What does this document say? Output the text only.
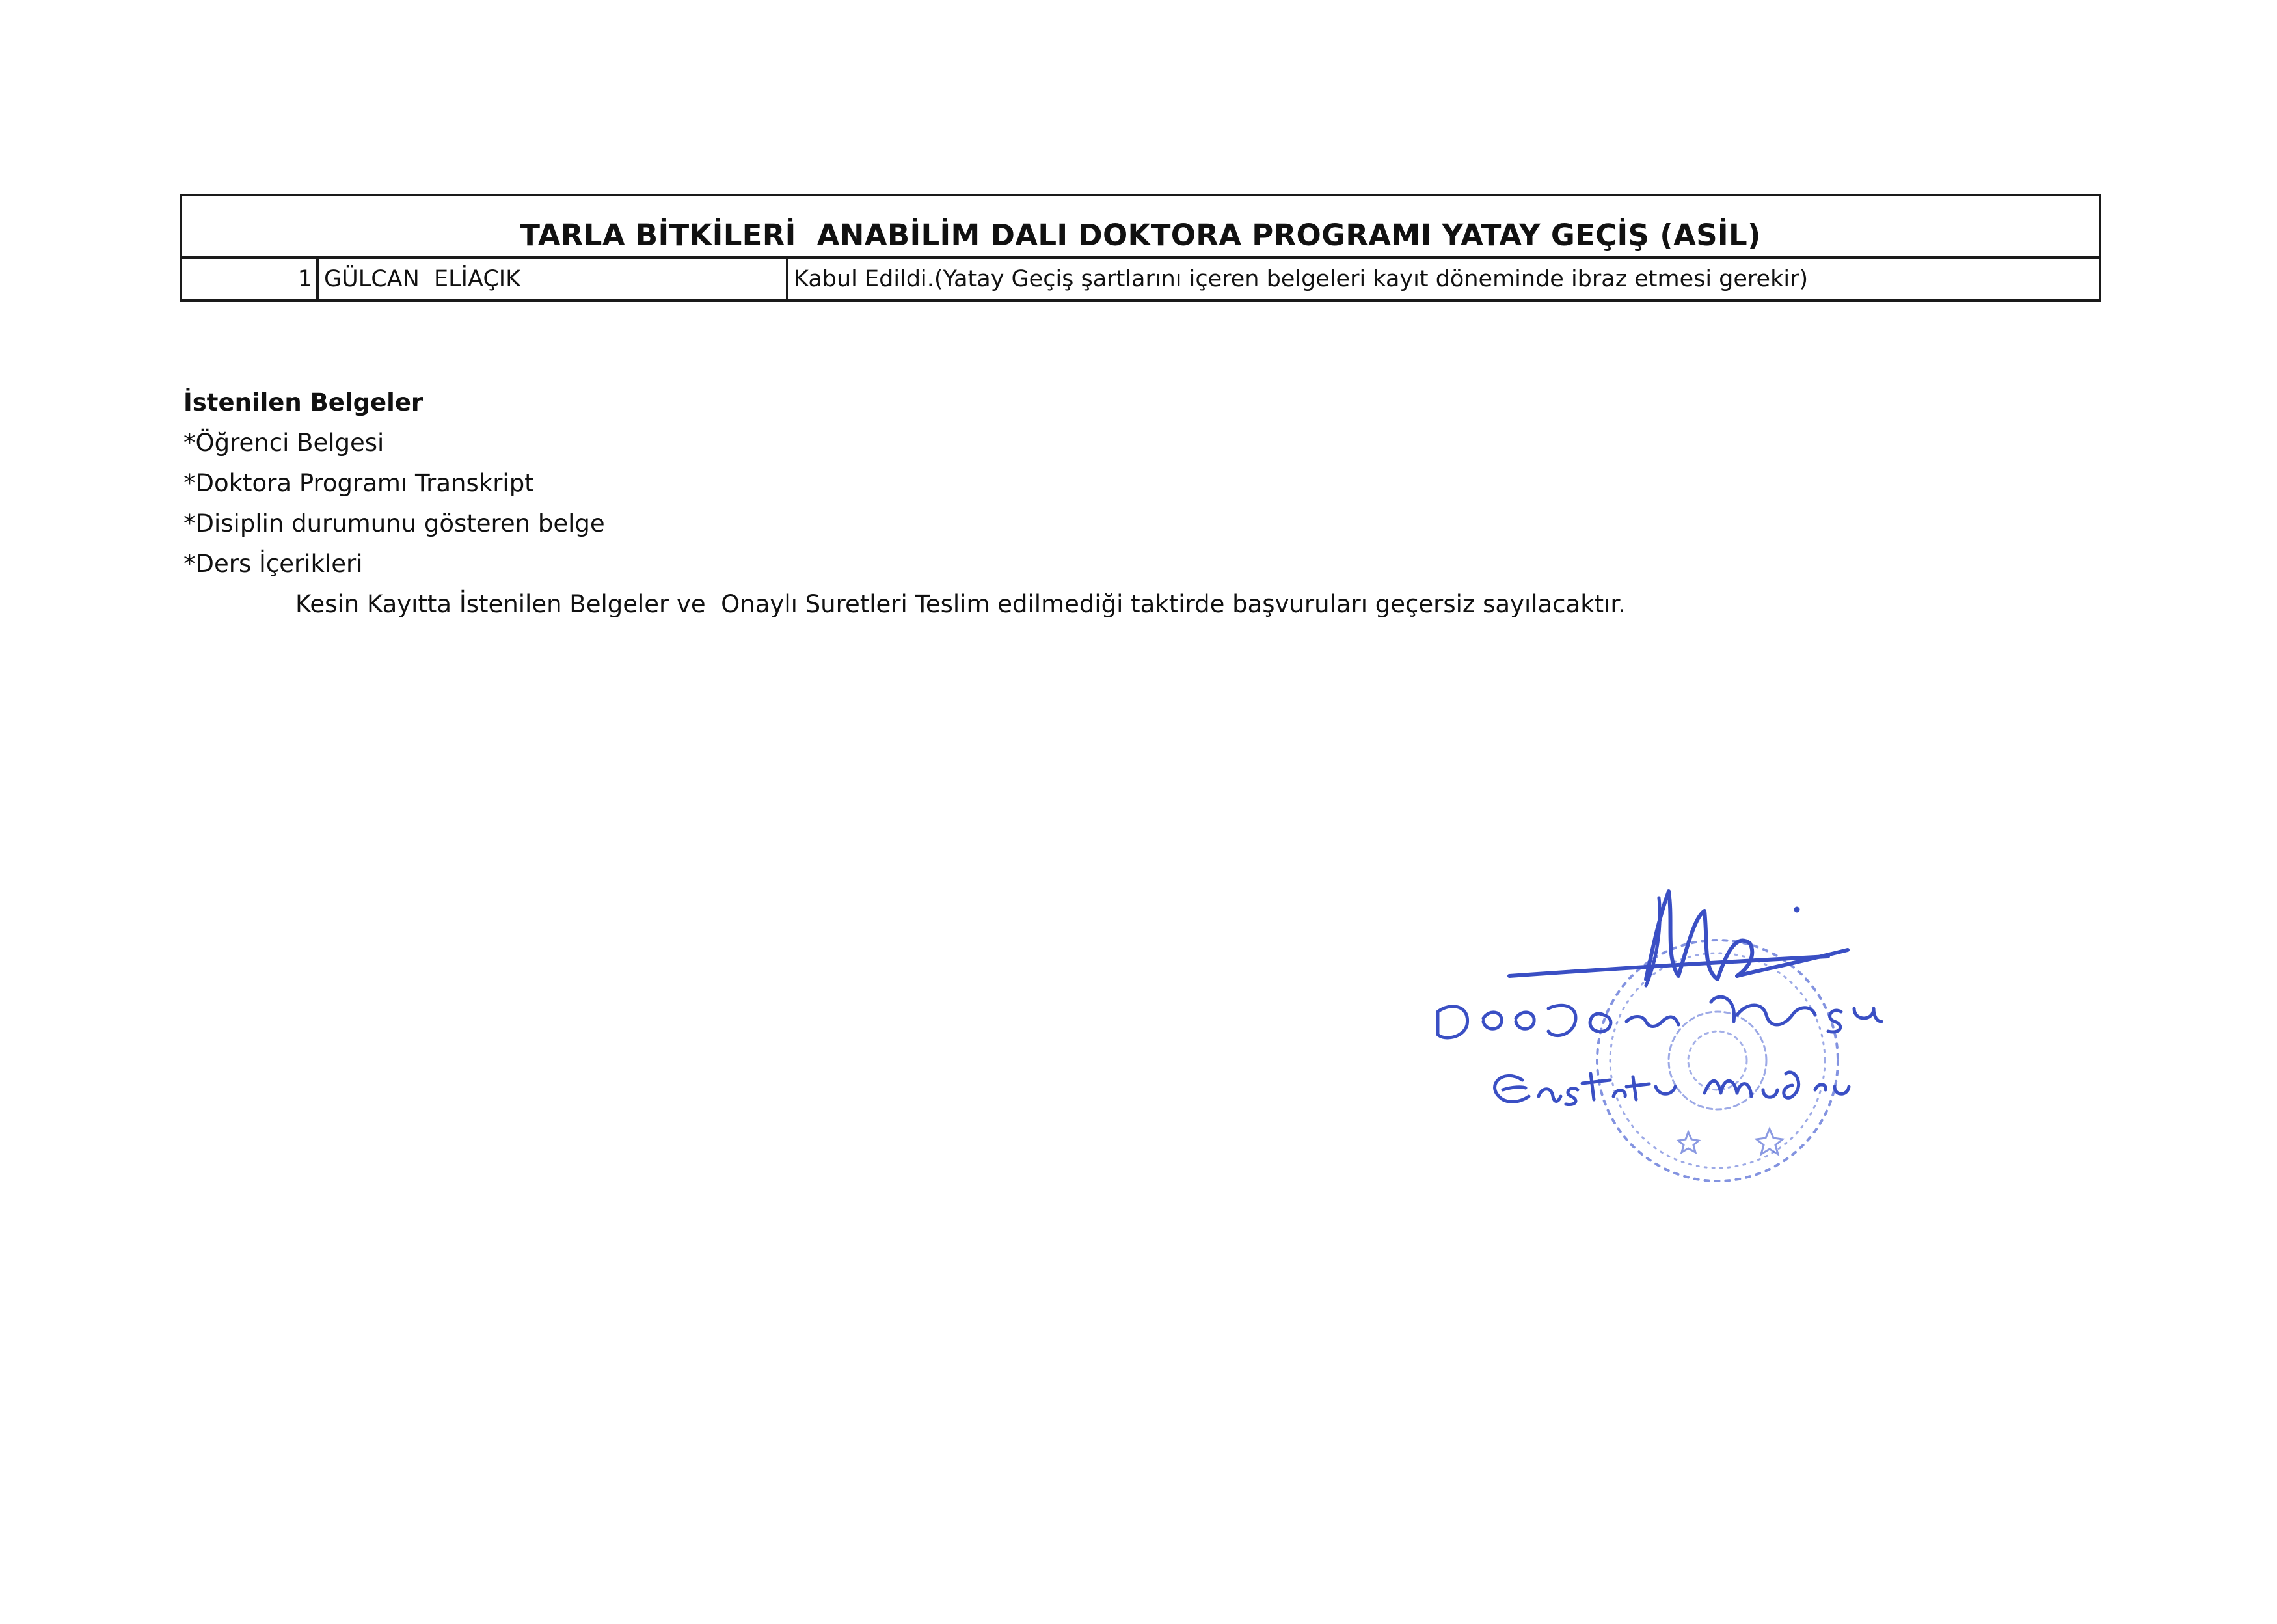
TARLA BİTKİLERİ  ANABİLİM DALI DOKTORA PROGRAMI YATAY GEÇİŞ (ASİL)
1 GÜLCAN  ELİAÇIK	Kabul Edildi.(Yatay Geçiş şartlarını içeren belgeleri kayıt döneminde ibraz etmesi gerekir)
İstenilen Belgeler
*Öğrenci Belgesi
*Doktora Programı Transkript
*Disiplin durumunu gösteren belge
*Ders İçerikleri
Kesin Kayıtta İstenilen Belgeler ve  Onaylı Suretleri Teslim edilmediği taktirde başvuruları geçersiz sayılacaktır.
